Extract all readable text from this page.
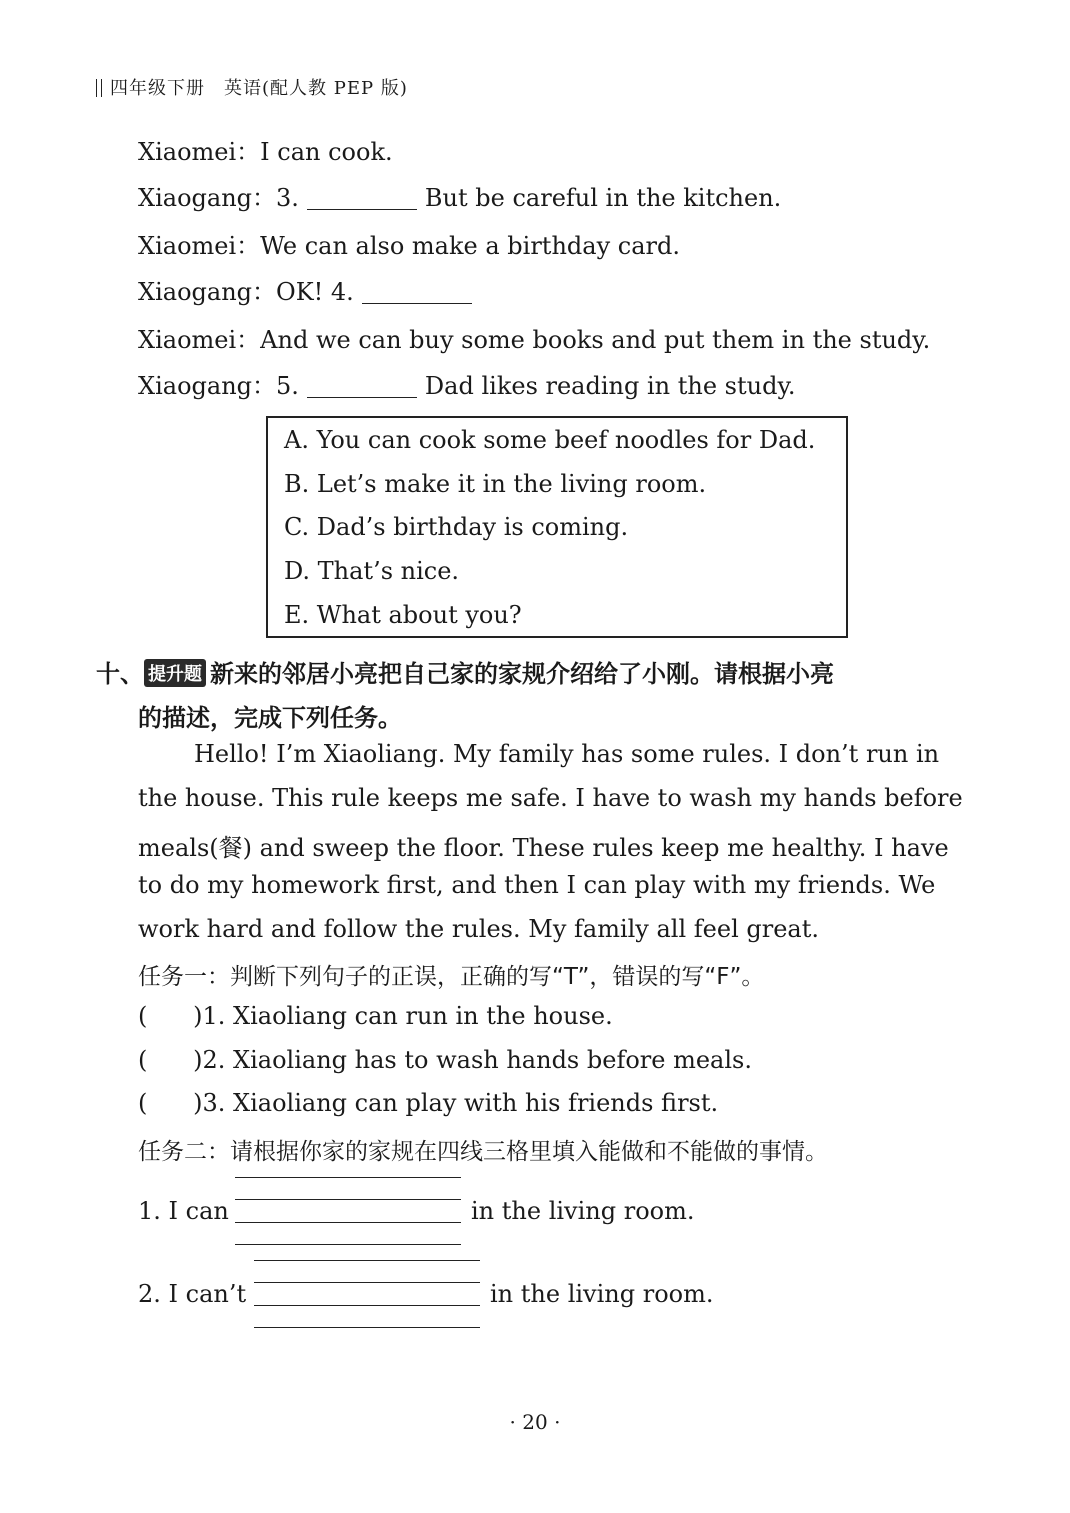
四年级下册　英语(配人教 PEP 版)
Xiaomei：I can cook.
Xiaogang：3.	But be careful in the kitchen.
Xiaomei：We can also make a birthday card.
Xiaogang：OK! 4.
Xiaomei：And we can buy some books and put them in the study.
Xiaogang：5.	Dad likes reading in the study.
A. You can cook some beef noodles for Dad.
B. Let’s make it in the living room.
C. Dad’s birthday is coming.
D. That’s nice.
E. What about you?
十、 提升题 新来的邻居小亮把自己家的家规介绍给了小刚。请根据小亮
的描述，完成下列任务。
Hello! I’m Xiaoliang. My family has some rules. I don’t run in
the house. This rule keeps me safe. I have to wash my hands before
meals(餐) and sweep the floor. These rules keep me healthy. I have
to do my homework first, and then I can play with my friends. We
work hard and follow the rules. My family all feel great.
任务一：判断下列句子的正误，正确的写“T”，错误的写“F”。
(      )1. Xiaoliang can run in the house.
(      )2. Xiaoliang has to wash hands before meals.
(      )3. Xiaoliang can play with his friends first.
任务二：请根据你家的家规在四线三格里填入能做和不能做的事情。
1. I can	in the living room.
2. I can’t	in the living room.
· 20 ·
